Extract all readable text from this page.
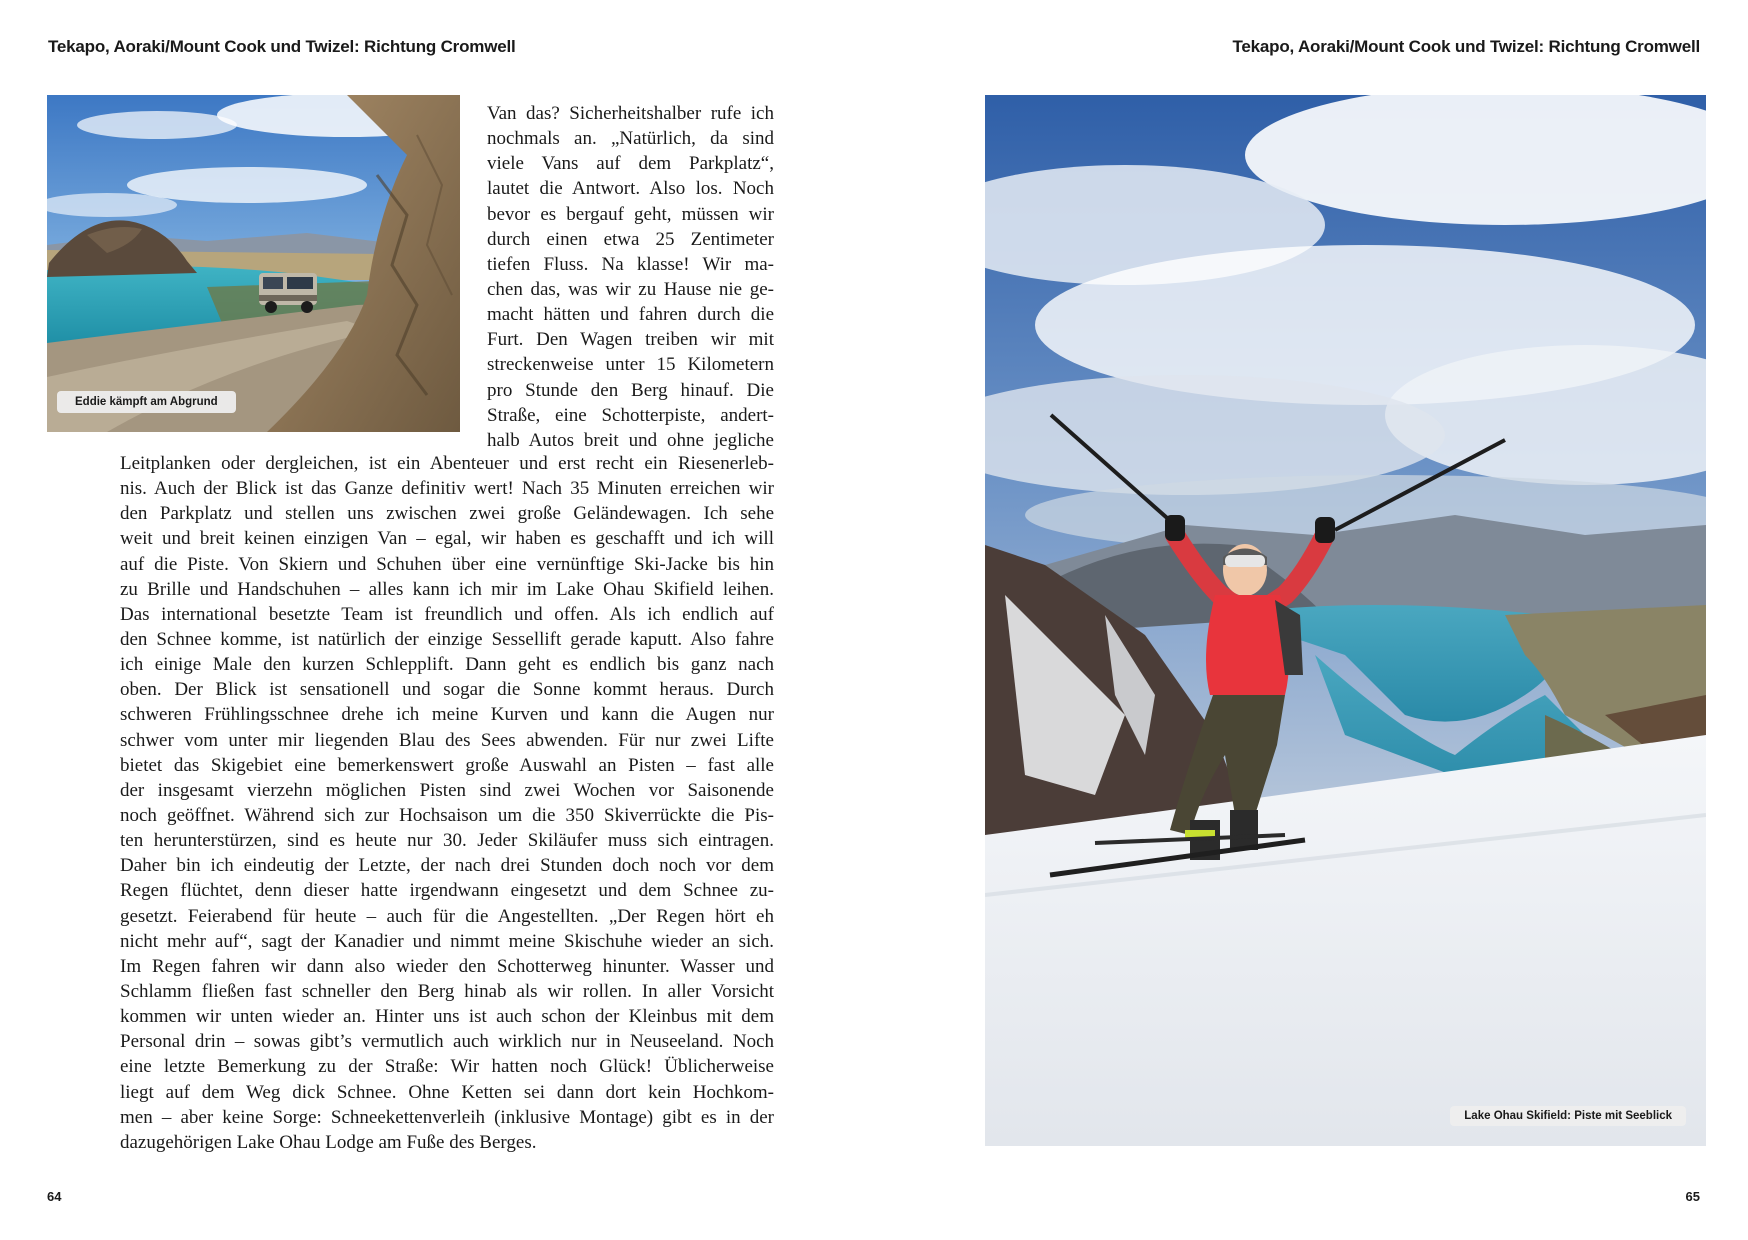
Tekapo, Aoraki/Mount Cook und Twizel: Richtung Cromwell
Eddie kämpft am Abgrund
Van das? Sicherheitshalber rufe ich
nochmals an. „Natürlich, da sind
viele Vans auf dem Parkplatz“,
lautet die Antwort. Also los. Noch
bevor es bergauf geht, müssen wir
durch einen etwa 25 Zentimeter
tiefen Fluss. Na klasse! Wir ma-
chen das, was wir zu Hause nie ge-
macht hätten und fahren durch die
Furt. Den Wagen treiben wir mit
streckenweise unter 15 Kilometern
pro Stunde den Berg hinauf. Die
Straße, eine Schotterpiste, andert-
halb Autos breit und ohne jegliche
Leitplanken oder dergleichen, ist ein Abenteuer und erst recht ein Riesenerleb-
nis. Auch der Blick ist das Ganze definitiv wert! Nach 35 Minuten erreichen wir
den Parkplatz und stellen uns zwischen zwei große Geländewagen. Ich sehe
weit und breit keinen einzigen Van – egal, wir haben es geschafft und ich will
auf die Piste. Von Skiern und Schuhen über eine vernünftige Ski-Jacke bis hin
zu Brille und Handschuhen – alles kann ich mir im Lake Ohau Skifield leihen.
Das international besetzte Team ist freundlich und offen. Als ich endlich auf
den Schnee komme, ist natürlich der einzige Sessellift gerade kaputt. Also fahre
ich einige Male den kurzen Schlepplift. Dann geht es endlich bis ganz nach
oben. Der Blick ist sensationell und sogar die Sonne kommt heraus. Durch
schweren Frühlingsschnee drehe ich meine Kurven und kann die Augen nur
schwer vom unter mir liegenden Blau des Sees abwenden. Für nur zwei Lifte
bietet das Skigebiet eine bemerkenswert große Auswahl an Pisten – fast alle
der insgesamt vierzehn möglichen Pisten sind zwei Wochen vor Saisonende
noch geöffnet. Während sich zur Hochsaison um die 350 Skiverrückte die Pis-
ten herunterstürzen, sind es heute nur 30. Jeder Skiläufer muss sich eintragen.
Daher bin ich eindeutig der Letzte, der nach drei Stunden doch noch vor dem
Regen flüchtet, denn dieser hatte irgendwann eingesetzt und dem Schnee zu-
gesetzt. Feierabend für heute – auch für die Angestellten. „Der Regen hört eh
nicht mehr auf“, sagt der Kanadier und nimmt meine Skischuhe wieder an sich.
Im Regen fahren wir dann also wieder den Schotterweg hinunter. Wasser und
Schlamm fließen fast schneller den Berg hinab als wir rollen. In aller Vorsicht
kommen wir unten wieder an. Hinter uns ist auch schon der Kleinbus mit dem
Personal drin – sowas gibt’s vermutlich auch wirklich nur in Neuseeland. Noch
eine letzte Bemerkung zu der Straße: Wir hatten noch Glück! Üblicherweise
liegt auf dem Weg dick Schnee. Ohne Ketten sei dann dort kein Hochkom-
men – aber keine Sorge: Schneekettenverleih (inklusive Montage) gibt es in der
dazugehörigen Lake Ohau Lodge am Fuße des Berges.
64
Tekapo, Aoraki/Mount Cook und Twizel: Richtung Cromwell
Lake Ohau Skifield: Piste mit Seeblick
65
